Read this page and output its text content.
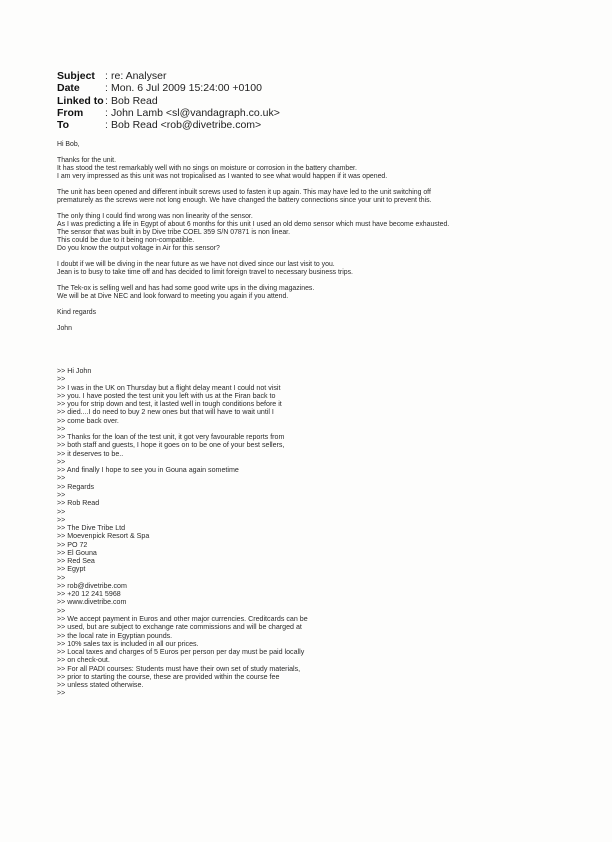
Subject : re: Analyser
Date	: Mon. 6 Jul 2009 15:24:00 +0100
Linked to : Bob Read
From	: John Lamb <sl@vandagraph.co.uk>
To	: Bob Read <rob@divetribe.com>
Hi Bob,
Thanks for the unit.
It has stood the test remarkably well with no sings on moisture or corrosion in the battery chamber.
I am very impressed as this unit was not tropicalised as I wanted to see what would happen if it was opened.
The unit has been opened and different inbuilt screws used to fasten it up again. This may have led to the unit switching off
prematurely as the screws were not long enough. We have changed the battery connections since your unit to prevent this.
The only thing I could find wrong was non linearity of the sensor.
As I was predicting a life in Egypt of about 6 months for this unit I used an old demo sensor which must have become exhausted.
The sensor that was built in by Dive tribe COEL 359 S/N 07871 is non linear.
This could be due to it being non-compatible.
Do you know the output voltage in Air for this sensor?
I doubt if we will be diving in the near future as we have not dived since our last visit to you.
Jean is to busy to take time off and has decided to limit foreign travel to necessary business trips.
The Tek-ox is selling well and has had some good write ups in the diving magazines.
We will be at Dive NEC and look forward to meeting you again if you attend.
Kind regards
John
>> Hi John
>>
>> I was in the UK on Thursday but a flight delay meant I could not visit
>> you. I have posted the test unit you left with us at the Firan back to
>> you for strip down and test, it lasted well in tough conditions before it
>> died....I do need to buy 2 new ones but that will have to wait until I
>> come back over.
>>
>> Thanks for the loan of the test unit, it got very favourable reports from
>> both staff and guests, I hope it goes on to be one of your best sellers,
>> it deserves to be..
>>
>> And finally I hope to see you in Gouna again sometime
>>
>> Regards
>>
>> Rob Read
>>
>>
>> The Dive Tribe Ltd
>> Moevenpick Resort & Spa
>> PO 72
>> El Gouna
>> Red Sea
>> Egypt
>>
>> rob@divetribe.com
>> +20 12 241 5968
>> www.divetribe.com
>>
>> We accept payment in Euros and other major currencies. Creditcards can be
>> used, but are subject to exchange rate commissions and will be charged at
>> the local rate in Egyptian pounds.
>> 10% sales tax is included in all our prices.
>> Local taxes and charges of 5 Euros per person per day must be paid locally
>> on check-out.
>> For all PADI courses: Students must have their own set of study materials,
>> prior to starting the course, these are provided within the course fee
>> unless stated otherwise.
>>
